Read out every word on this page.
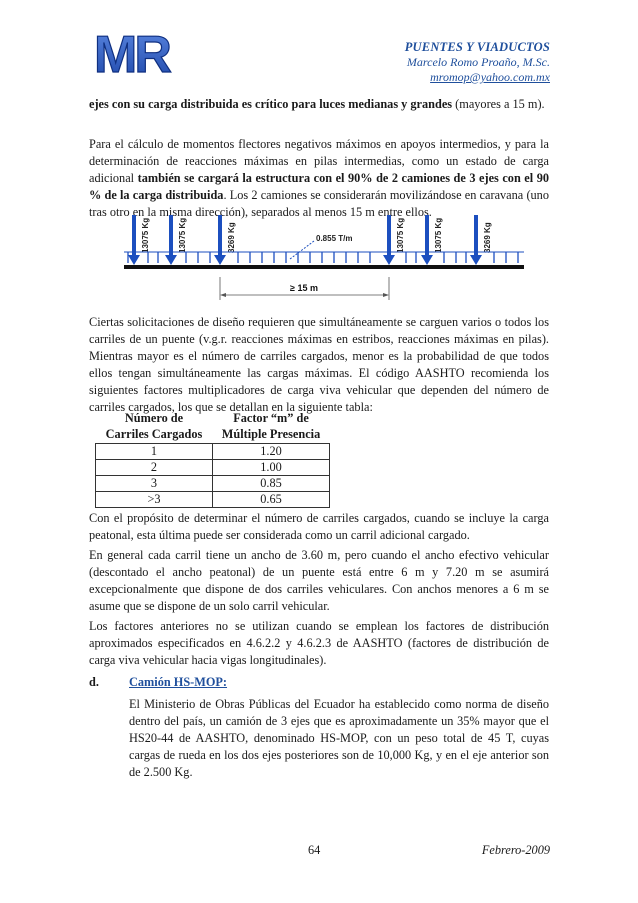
MR	PUENTES Y VIADUCTOS
Marcelo Romo Proaño, M.Sc.
mromop@yahoo.com.mx

ejes con su carga distribuida es crítico para luces medianas y grandes (mayores a 15 m).

Para el cálculo de momentos flectores negativos máximos en apoyos intermedios, y para la determinación de reacciones máximas en pilas intermedias, como un estado de carga adicional también se cargará la estructura con el 90% de 2 camiones de 3 ejes con el 90 % de la carga distribuida. Los 2 camiones se considerarán movilizándose en caravana (uno tras otro en la misma dirección), separados al menos 15 m entre ellos.

13075 Kg	13075 Kg	3269 Kg	13075 Kg	13075 Kg	3269 Kg
0.855 T/m
≥ 15 m

Ciertas solicitaciones de diseño requieren que simultáneamente se carguen varios o todos los carriles de un puente (v.g.r. reacciones máximas en estribos, reacciones máximas en pilas). Mientras mayor es el número de carriles cargados, menor es la probabilidad de que todos ellos tengan simultáneamente las cargas máximas. El código AASHTO recomienda los siguientes factores multiplicadores de carga viva vehicular que dependen del número de carriles cargados, los que se detallan en la siguiente tabla:

Número de
Carriles Cargados	Factor “m” de
Múltiple Presencia
1	1.20
2	1.00
3	0.85
>3	0.65

Con el propósito de determinar el número de carriles cargados, cuando se incluye la carga peatonal, esta última puede ser considerada como un carril adicional cargado.

En general cada carril tiene un ancho de 3.60 m, pero cuando el ancho efectivo vehicular (descontado el ancho peatonal) de un puente está entre 6 m y 7.20 m se asumirá excepcionalmente que dispone de dos carriles vehiculares. Con anchos menores a 6 m se asume que se dispone de un solo carril vehicular.

Los factores anteriores no se utilizan cuando se emplean los factores de distribución aproximados especificados en 4.6.2.2 y 4.6.2.3 de AASHTO (factores de distribución de carga viva vehicular hacia vigas longitudinales).

d. Camión HS-MOP:

El Ministerio de Obras Públicas del Ecuador ha establecido como norma de diseño dentro del país, un camión de 3 ejes que es aproximadamente un 35% mayor que el HS20-44 de AASHTO, denominado HS-MOP, con un peso total de 45 T, cuyas cargas de rueda en los dos ejes posteriores son de 10,000 Kg, y en el eje anterior son de 2.500 Kg.

64	Febrero-2009
